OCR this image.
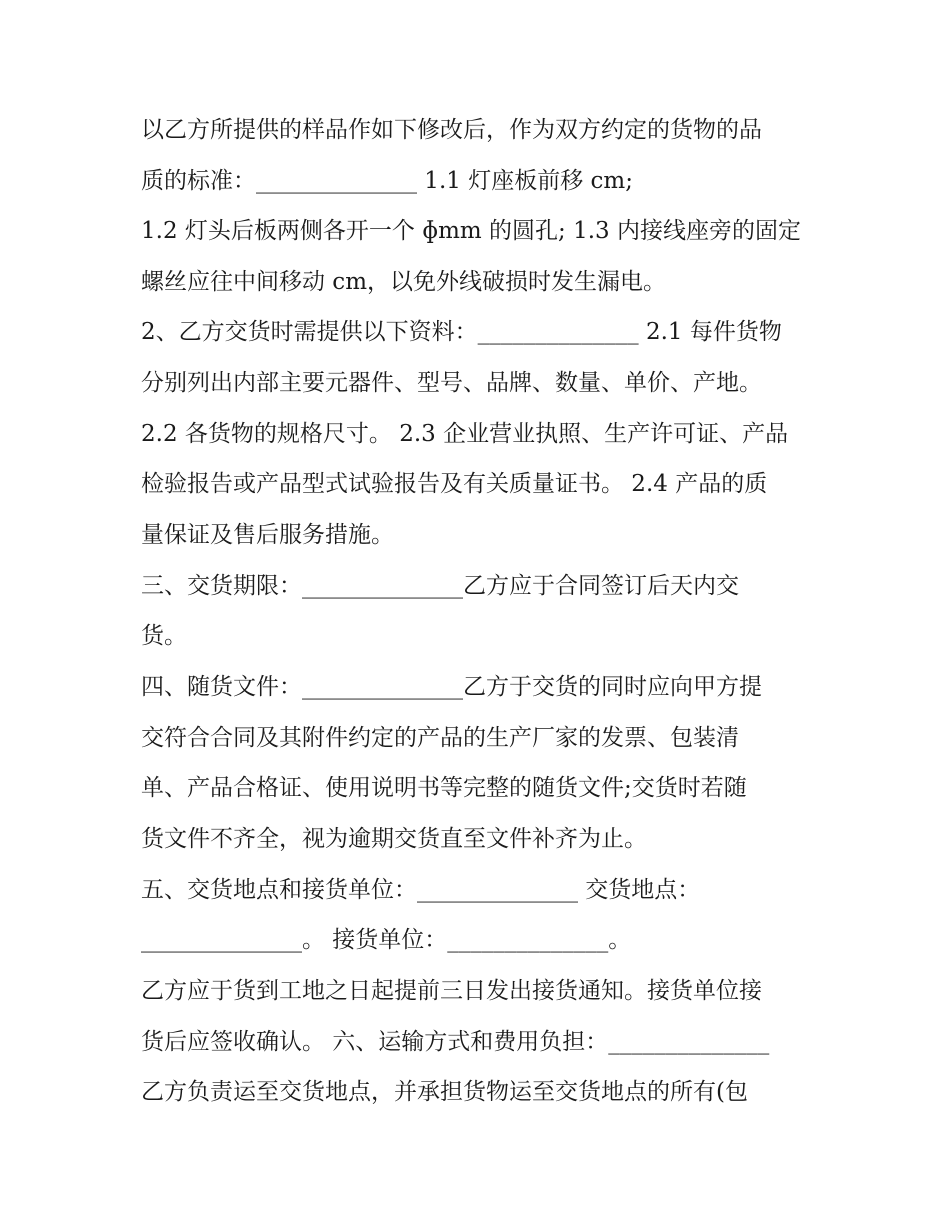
以乙方所提供的样品作如下修改后，作为双方约定的货物的品
质的标准：______________ 1.1 灯座板前移 cm;
1.2 灯头后板两侧各开一个 ɸmm 的圆孔; 1.3 内接线座旁的固定
螺丝应往中间移动 cm，以免外线破损时发生漏电。
2、乙方交货时需提供以下资料：______________ 2.1 每件货物
分别列出内部主要元器件、型号、品牌、数量、单价、产地。
2.2 各货物的规格尺寸。 2.3 企业营业执照、生产许可证、产品
检验报告或产品型式试验报告及有关质量证书。 2.4 产品的质
量保证及售后服务措施。
三、交货期限：______________乙方应于合同签订后天内交
货。
四、随货文件：______________乙方于交货的同时应向甲方提
交符合合同及其附件约定的产品的生产厂家的发票、包装清
单、产品合格证、使用说明书等完整的随货文件;交货时若随
货文件不齐全，视为逾期交货直至文件补齐为止。
五、交货地点和接货单位：______________ 交货地点：
______________。 接货单位：______________。
乙方应于货到工地之日起提前三日发出接货通知。接货单位接
货后应签收确认。 六、运输方式和费用负担：______________
乙方负责运至交货地点，并承担货物运至交货地点的所有(包
